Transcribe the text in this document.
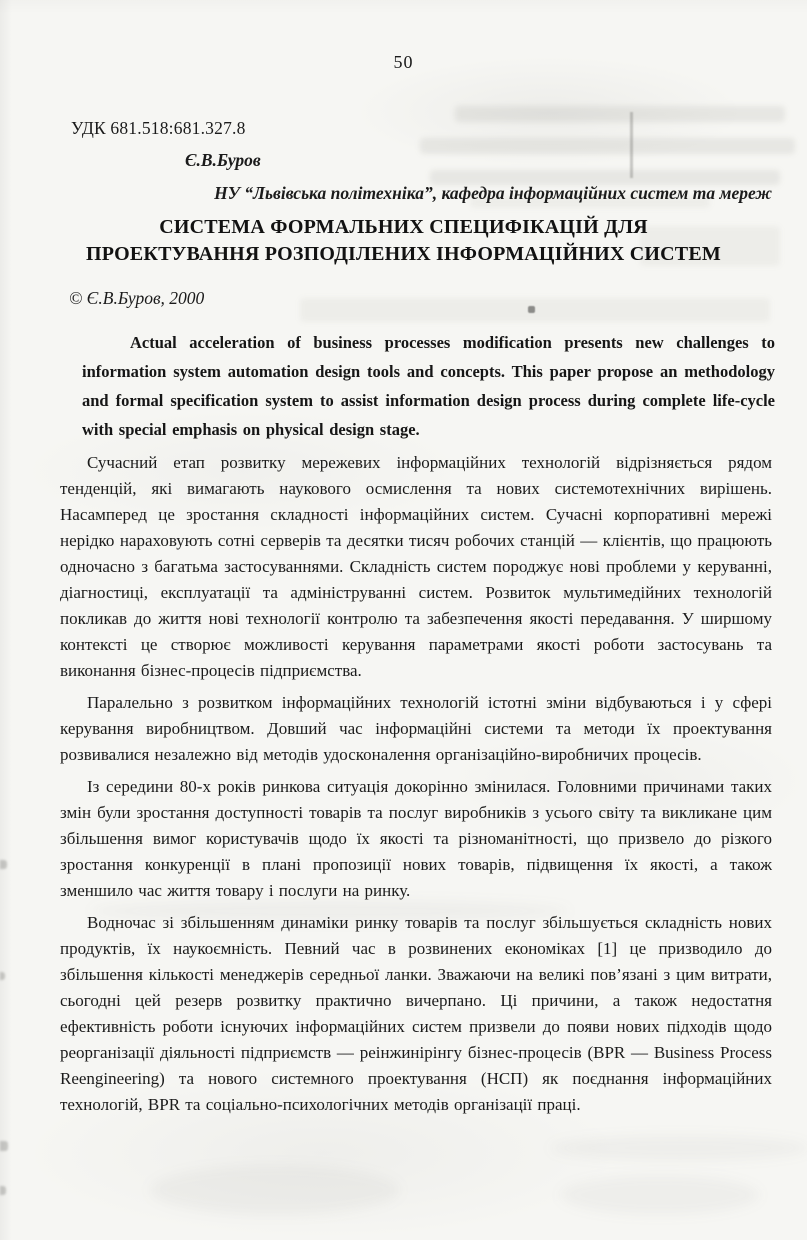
50
УДК 681.518:681.327.8
Є.В.Буров
НУ “Львівська політехніка”, кафедра інформаційних систем та мереж
СИСТЕМА ФОРМАЛЬНИХ СПЕЦИФІКАЦІЙ ДЛЯ
ПРОЕКТУВАННЯ РОЗПОДІЛЕНИХ ІНФОРМАЦІЙНИХ СИСТЕМ
© Є.В.Буров, 2000

Actual acceleration of business processes modification presents new challenges to information system automation design tools and concepts. This paper propose an methodology and formal specification system to assist information design process during complete life-cycle with special emphasis on physical design stage.

Сучасний етап розвитку мережевих інформаційних технологій відрізняється рядом тенденцій, які вимагають наукового осмислення та нових системотехнічних вирішень. Насамперед це зростання складності інформаційних систем. Сучасні корпоративні мережі нерідко нараховують сотні серверів та десятки тисяч робочих станцій — клієнтів, що працюють одночасно з багатьма застосуваннями. Складність систем породжує нові проблеми у керуванні, діагностиці, експлуатації та адмініструванні систем. Розвиток мультимедійних технологій покликав до життя нові технології контролю та забезпечення якості передавання. У ширшому контексті це створює можливості керування параметрами якості роботи застосувань та виконання бізнес-процесів підприємства.

Паралельно з розвитком інформаційних технологій істотні зміни відбуваються і у сфері керування виробництвом. Довший час інформаційні системи та методи їх проектування розвивалися незалежно від методів удосконалення організаційно-виробничих процесів.

Із середини 80-х років ринкова ситуація докорінно змінилася. Головними причинами таких змін були зростання доступності товарів та послуг виробників з усього світу та викликане цим збільшення вимог користувачів щодо їх якості та різноманітності, що призвело до різкого зростання конкуренції в плані пропозиції нових товарів, підвищення їх якості, а також зменшило час життя товару і послуги на ринку.

Водночас зі збільшенням динаміки ринку товарів та послуг збільшується складність нових продуктів, їх наукоємність. Певний час в розвинених економіках [1] це призводило до збільшення кількості менеджерів середньої ланки. Зважаючи на великі пов’язані з цим витрати, сьогодні цей резерв розвитку практично вичерпано. Ці причини, а також недостатня ефективність роботи існуючих інформаційних систем призвели до появи нових підходів щодо реорганізації діяльності підприємств — реінжинірінгу бізнес-процесів (BPR — Business Process Reengineering) та нового системного проектування (НСП) як поєднання інформаційних технологій, BPR та соціально-психологічних методів організації праці.
